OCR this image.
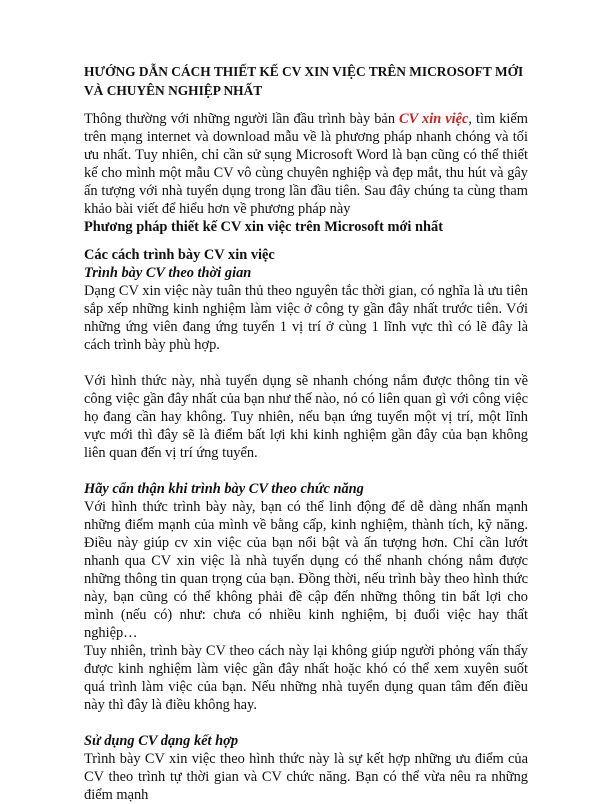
HƯỚNG DẪN CÁCH THIẾT KẾ CV XIN VIỆC TRÊN MICROSOFT MỚI
VÀ CHUYÊN NGHIỆP NHẤT

Thông thường với những người lần đầu trình bày bản CV xin việc, tìm kiếm trên mạng internet và download mẫu về là phương pháp nhanh chóng và tối ưu nhất. Tuy nhiên, chỉ cần sử sụng Microsoft Word là bạn cũng có thể thiết kế cho mình một mẫu CV vô cùng chuyên nghiệp và đẹp mắt, thu hút và gây ấn tượng với nhà tuyển dụng trong lần đầu tiên. Sau đây chúng ta cùng tham khảo bài viết để hiểu hơn về phương pháp này

Phương pháp thiết kế CV xin việc trên Microsoft mới nhất

Các cách trình bày CV xin việc

Trình bày CV theo thời gian

Dạng CV xin việc này tuân thủ theo nguyên tắc thời gian, có nghĩa là ưu tiên sắp xếp những kinh nghiệm làm việc ở công ty gần đây nhất trước tiên. Với những ứng viên đang ứng tuyển 1 vị trí ở cùng 1 lĩnh vực thì có lẽ đây là cách trình bày phù hợp.

Với hình thức này, nhà tuyển dụng sẽ nhanh chóng nắm được thông tin về công việc gần đây nhất của bạn như thế nào, nó có liên quan gì với công việc họ đang cần hay không. Tuy nhiên, nếu bạn ứng tuyển một vị trí, một lĩnh vực mới thì đây sẽ là điểm bất lợi khi kinh nghiệm gần đây của bạn không liên quan đến vị trí ứng tuyển.

Hãy cẩn thận khi trình bày CV theo chức năng

Với hình thức trình bày này, bạn có thể linh động để dễ dàng nhấn mạnh những điểm mạnh của mình về bằng cấp, kinh nghiệm, thành tích, kỹ năng. Điều này giúp cv xin việc của bạn nổi bật và ấn tượng hơn. Chỉ cần lướt nhanh qua CV xin việc là nhà tuyển dụng có thể nhanh chóng nắm được những thông tin quan trọng của bạn. Đồng thời, nếu trình bày theo hình thức này, bạn cũng có thể không phải đề cập đến những thông tin bất lợi cho mình (nếu có) như: chưa có nhiều kinh nghiệm, bị đuổi việc hay thất nghiệp…

Tuy nhiên, trình bày CV theo cách này lại không giúp người phỏng vấn thấy được kinh nghiệm làm việc gần đây nhất hoặc khó có thể xem xuyên suốt quá trình làm việc của bạn. Nếu những nhà tuyển dụng quan tâm đến điều này thì đây là điều không hay.

Sử dụng CV dạng kết hợp

Trình bày CV xin việc theo hình thức này là sự kết hợp những ưu điểm của CV theo trình tự thời gian và CV chức năng. Bạn có thể vừa nêu ra những điểm mạnh
